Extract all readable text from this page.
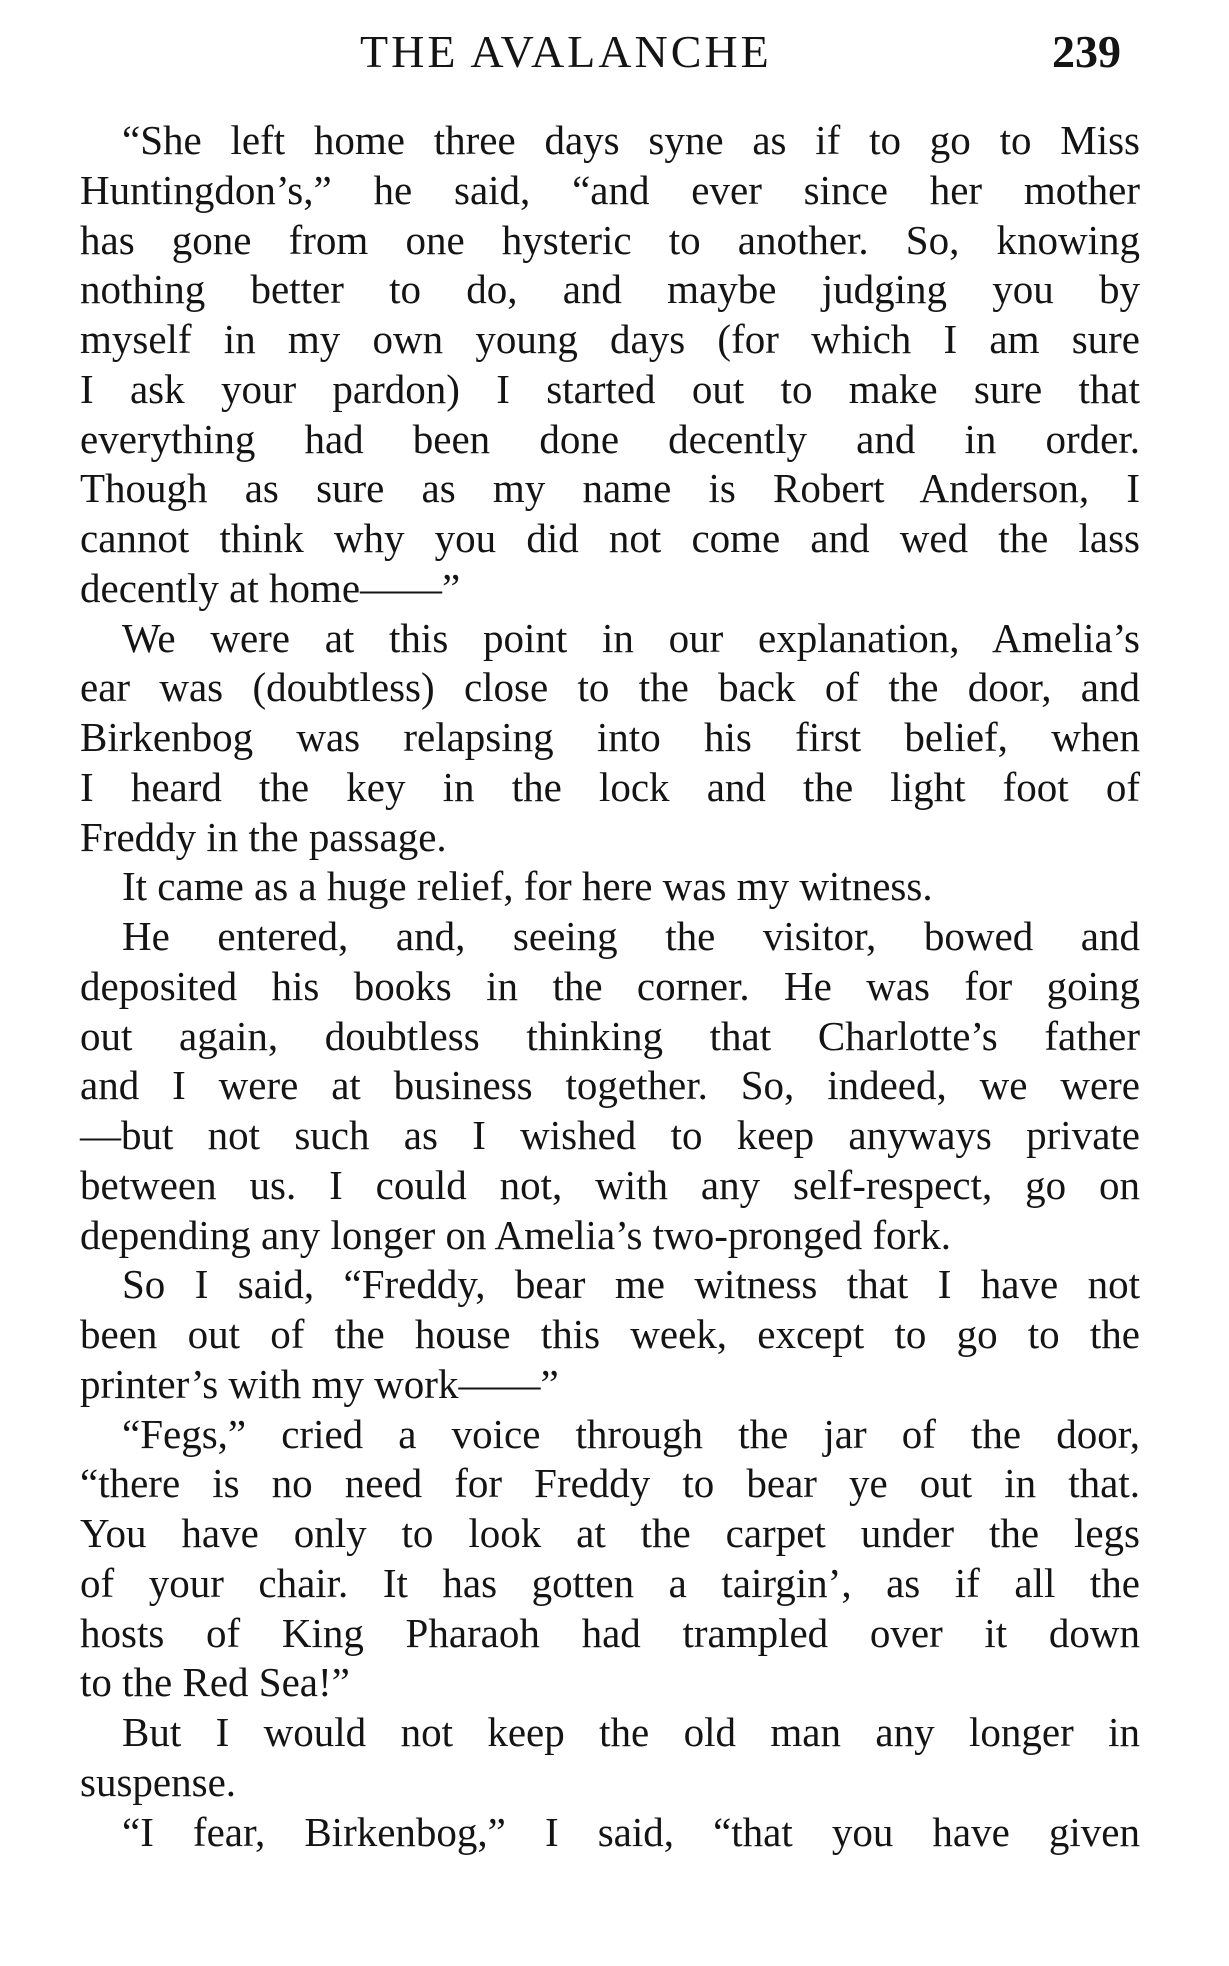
THE AVALANCHE	239
“She left home three days syne as if to go to Miss
Huntingdon’s,” he said, “and ever since her mother
has gone from one hysteric to another. So, knowing
nothing better to do, and maybe judging you by
myself in my own young days (for which I am sure
I ask your pardon) I started out to make sure that
everything had been done decently and in order.
Though as sure as my name is Robert Anderson, I
cannot think why you did not come and wed the lass
decently at home——”
We were at this point in our explanation, Amelia’s
ear was (doubtless) close to the back of the door, and
Birkenbog was relapsing into his first belief, when
I heard the key in the lock and the light foot of
Freddy in the passage.
It came as a huge relief, for here was my witness.
He entered, and, seeing the visitor, bowed and
deposited his books in the corner. He was for going
out again, doubtless thinking that Charlotte’s father
and I were at business together. So, indeed, we were
—but not such as I wished to keep anyways private
between us. I could not, with any self-respect, go on
depending any longer on Amelia’s two-pronged fork.
So I said, “Freddy, bear me witness that I have not
been out of the house this week, except to go to the
printer’s with my work——”
“Fegs,” cried a voice through the jar of the door,
“there is no need for Freddy to bear ye out in that.
You have only to look at the carpet under the legs
of your chair. It has gotten a tairgin’, as if all the
hosts of King Pharaoh had trampled over it down
to the Red Sea!”
But I would not keep the old man any longer in
suspense.
“I fear, Birkenbog,” I said, “that you have given
